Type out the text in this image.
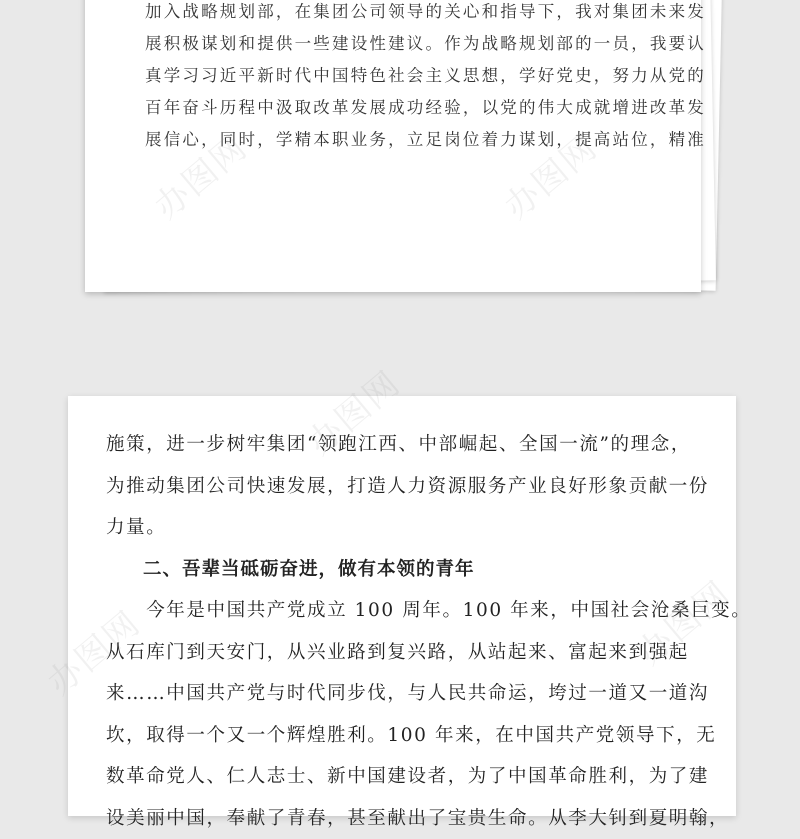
加入战略规划部，在集团公司领导的关心和指导下，我对集团未来发
展积极谋划和提供一些建设性建议。作为战略规划部的一员，我要认
真学习习近平新时代中国特色社会主义思想，学好党史，努力从党的
百年奋斗历程中汲取改革发展成功经验，以党的伟大成就增进改革发
展信心，同时，学精本职业务，立足岗位着力谋划，提高站位，精准
办图网	办图网
施策，进一步树牢集团“领跑江西、中部崛起、全国一流”的理念，
为推动集团公司快速发展，打造人力资源服务产业良好形象贡献一份
力量。
二、吾辈当砥砺奋进，做有本领的青年
　　今年是中国共产党成立 100 周年。100 年来，中国社会沧桑巨变。
从石库门到天安门，从兴业路到复兴路，从站起来、富起来到强起
来……中国共产党与时代同步伐，与人民共命运，垮过一道又一道沟
坎，取得一个又一个辉煌胜利。100 年来，在中国共产党领导下，无
数革命党人、仁人志士、新中国建设者，为了中国革命胜利，为了建
设美丽中国，奉献了青春，甚至献出了宝贵生命。从李大钊到夏明翰，
办图网
办图网	办图网
